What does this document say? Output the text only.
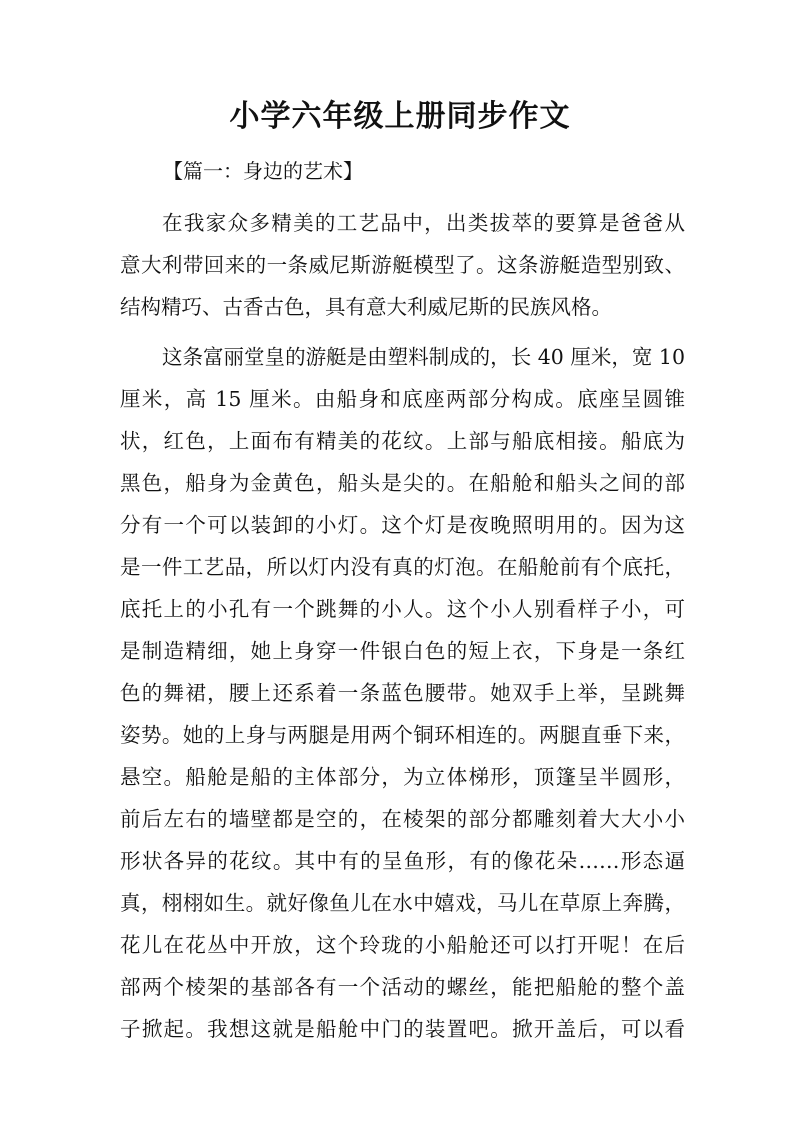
小学六年级上册同步作文
【篇一：身边的艺术】
在我家众多精美的工艺品中，出类拔萃的要算是爸爸从
意大利带回来的一条威尼斯游艇模型了。这条游艇造型别致、
结构精巧、古香古色，具有意大利威尼斯的民族风格。
这条富丽堂皇的游艇是由塑料制成的，长 40 厘米，宽 10
厘米，高 15 厘米。由船身和底座两部分构成。底座呈圆锥
状，红色，上面布有精美的花纹。上部与船底相接。船底为
黑色，船身为金黄色，船头是尖的。在船舱和船头之间的部
分有一个可以装卸的小灯。这个灯是夜晚照明用的。因为这
是一件工艺品，所以灯内没有真的灯泡。在船舱前有个底托，
底托上的小孔有一个跳舞的小人。这个小人别看样子小，可
是制造精细，她上身穿一件银白色的短上衣，下身是一条红
色的舞裙，腰上还系着一条蓝色腰带。她双手上举，呈跳舞
姿势。她的上身与两腿是用两个铜环相连的。两腿直垂下来，
悬空。船舱是船的主体部分，为立体梯形，顶篷呈半圆形，
前后左右的墙壁都是空的，在棱架的部分都雕刻着大大小小
形状各异的花纹。其中有的呈鱼形，有的像花朵……形态逼
真，栩栩如生。就好像鱼儿在水中嬉戏，马儿在草原上奔腾，
花儿在花丛中开放，这个玲珑的小船舱还可以打开呢！在后
部两个棱架的基部各有一个活动的螺丝，能把船舱的整个盖
子掀起。我想这就是船舱中门的装置吧。掀开盖后，可以看
